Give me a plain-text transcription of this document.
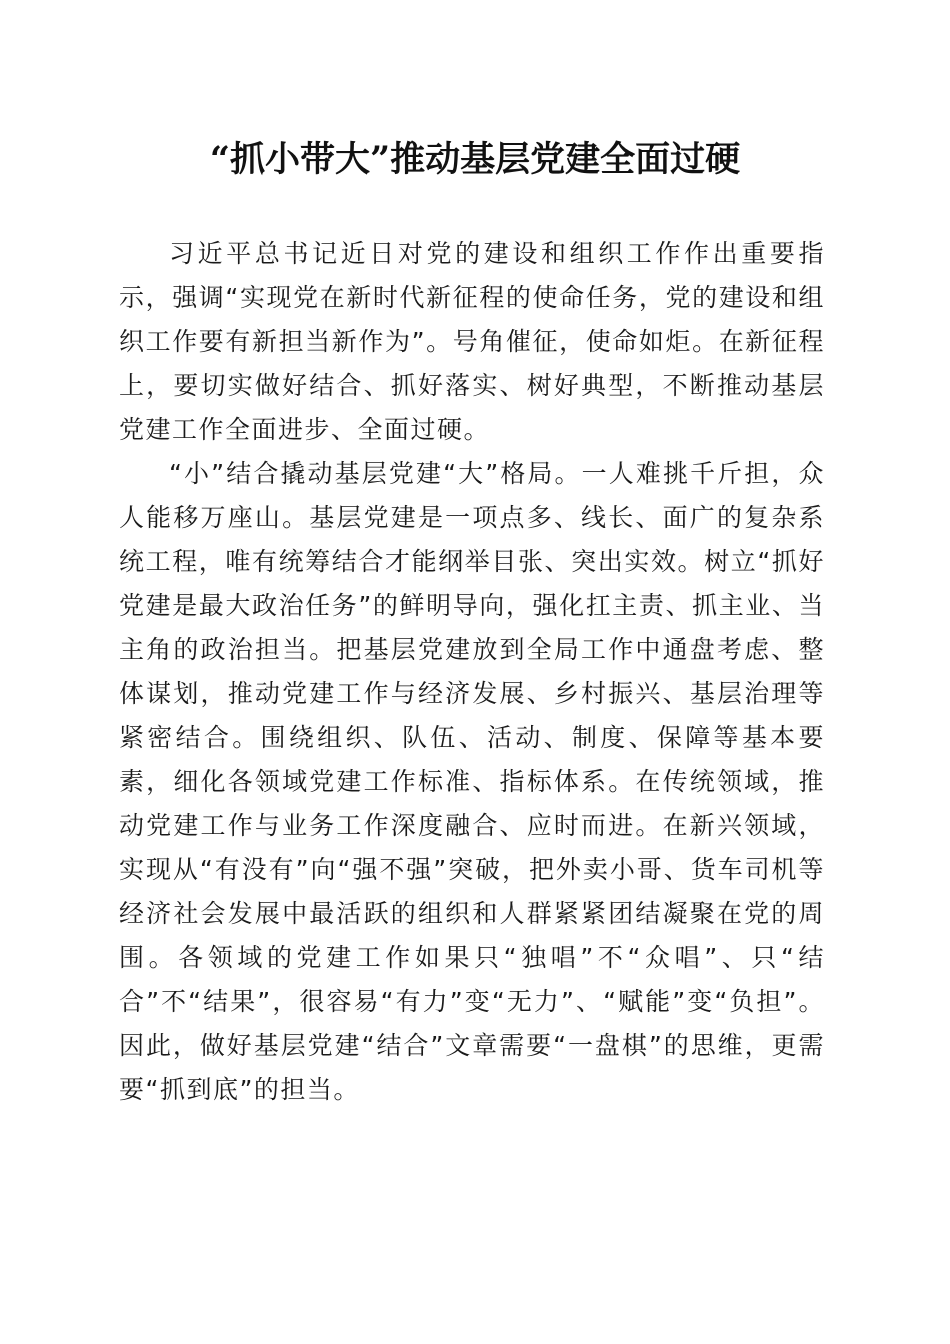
“抓小带大”推动基层党建全面过硬

习近平总书记近日对党的建设和组织工作作出重要指示，强调“实现党在新时代新征程的使命任务，党的建设和组织工作要有新担当新作为”。号角催征，使命如炬。在新征程上，要切实做好结合、抓好落实、树好典型，不断推动基层党建工作全面进步、全面过硬。

“小”结合撬动基层党建“大”格局。一人难挑千斤担，众人能移万座山。基层党建是一项点多、线长、面广的复杂系统工程，唯有统筹结合才能纲举目张、突出实效。树立“抓好党建是最大政治任务”的鲜明导向，强化扛主责、抓主业、当主角的政治担当。把基层党建放到全局工作中通盘考虑、整体谋划，推动党建工作与经济发展、乡村振兴、基层治理等紧密结合。围绕组织、队伍、活动、制度、保障等基本要素，细化各领域党建工作标准、指标体系。在传统领域，推动党建工作与业务工作深度融合、应时而进。在新兴领域，实现从“有没有”向“强不强”突破，把外卖小哥、货车司机等经济社会发展中最活跃的组织和人群紧紧团结凝聚在党的周围。各领域的党建工作如果只“独唱”不“众唱”、只“结合”不“结果”，很容易“有力”变“无力”、“赋能”变“负担”。因此，做好基层党建“结合”文章需要“一盘棋”的思维，更需要“抓到底”的担当。
